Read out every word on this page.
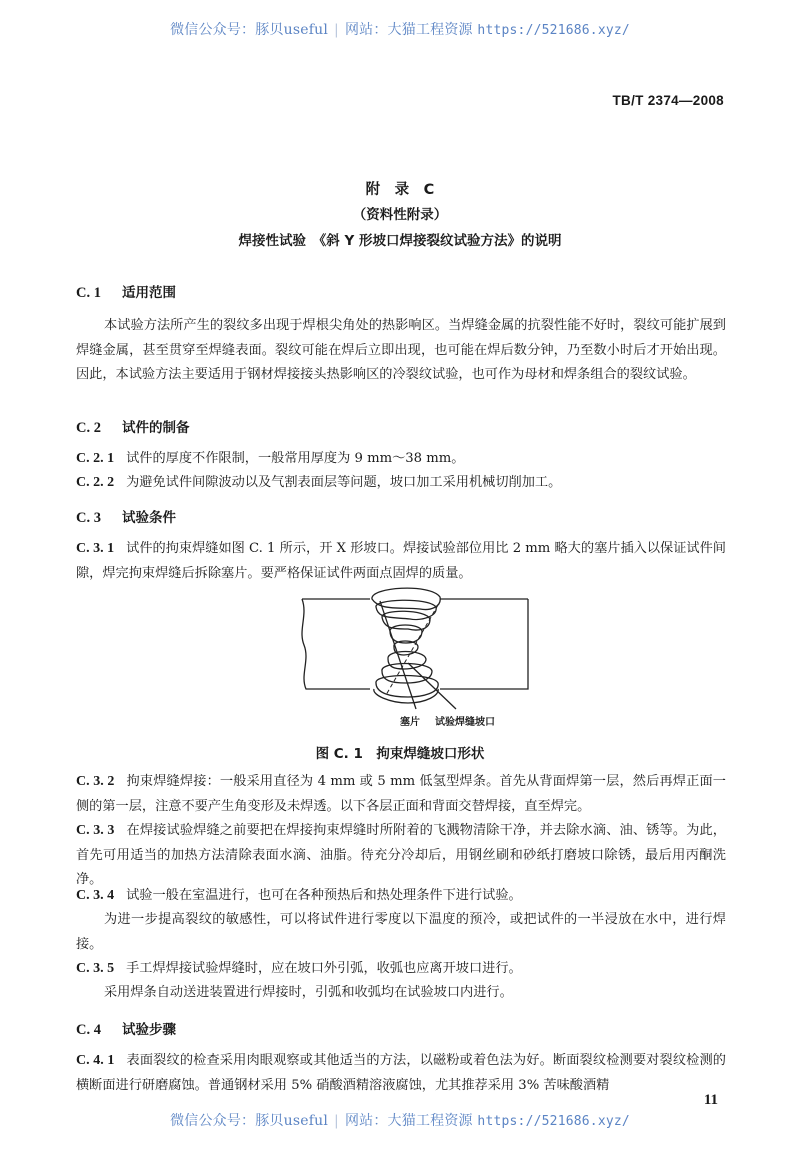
微信公众号：豚贝useful | 网站：大猫工程资源 https://521686.xyz/
TB/T 2374—2008
附　录　C
（资料性附录）
焊接性试验　《斜 Y 形坡口焊接裂纹试验方法》的说明
C. 1 适用范围
本试验方法所产生的裂纹多出现于焊根尖角处的热影响区。当焊缝金属的抗裂性能不好时，裂纹可能扩展到焊缝金属，甚至贯穿至焊缝表面。裂纹可能在焊后立即出现，也可能在焊后数分钟，乃至数小时后才开始出现。因此，本试验方法主要适用于钢材焊接接头热影响区的冷裂纹试验，也可作为母材和焊条组合的裂纹试验。
C. 2 试件的制备
C. 2. 1 试件的厚度不作限制，一般常用厚度为 9 mm～38 mm。
C. 2. 2 为避免试件间隙波动以及气割表面层等问题，坡口加工采用机械切削加工。
C. 3 试验条件
C. 3. 1 试件的拘束焊缝如图 C. 1 所示，开 X 形坡口。焊接试验部位用比 2 mm 略大的塞片插入以保证试件间隙，焊完拘束焊缝后拆除塞片。要严格保证试件两面点固焊的质量。
塞片 试验焊缝坡口
图 C. 1　拘束焊缝坡口形状
C. 3. 2 拘束焊缝焊接：一般采用直径为 4 mm 或 5 mm 低氢型焊条。首先从背面焊第一层，然后再焊正面一侧的第一层，注意不要产生角变形及未焊透。以下各层正面和背面交替焊接，直至焊完。
C. 3. 3 在焊接试验焊缝之前要把在焊接拘束焊缝时所附着的飞溅物清除干净，并去除水滴、油、锈等。为此，首先可用适当的加热方法清除表面水滴、油脂。待充分冷却后，用钢丝刷和砂纸打磨坡口除锈，最后用丙酮洗净。
C. 3. 4 试验一般在室温进行，也可在各种预热后和热处理条件下进行试验。
为进一步提高裂纹的敏感性，可以将试件进行零度以下温度的预冷，或把试件的一半浸放在水中，进行焊接。
C. 3. 5 手工焊焊接试验焊缝时，应在坡口外引弧，收弧也应离开坡口进行。
采用焊条自动送进装置进行焊接时，引弧和收弧均在试验坡口内进行。
C. 4 试验步骤
C. 4. 1 表面裂纹的检查采用肉眼观察或其他适当的方法，以磁粉或着色法为好。断面裂纹检测要对裂纹检测的横断面进行研磨腐蚀。普通钢材采用 5% 硝酸酒精溶液腐蚀，尤其推荐采用 3% 苦味酸酒精
11
微信公众号：豚贝useful | 网站：大猫工程资源 https://521686.xyz/
